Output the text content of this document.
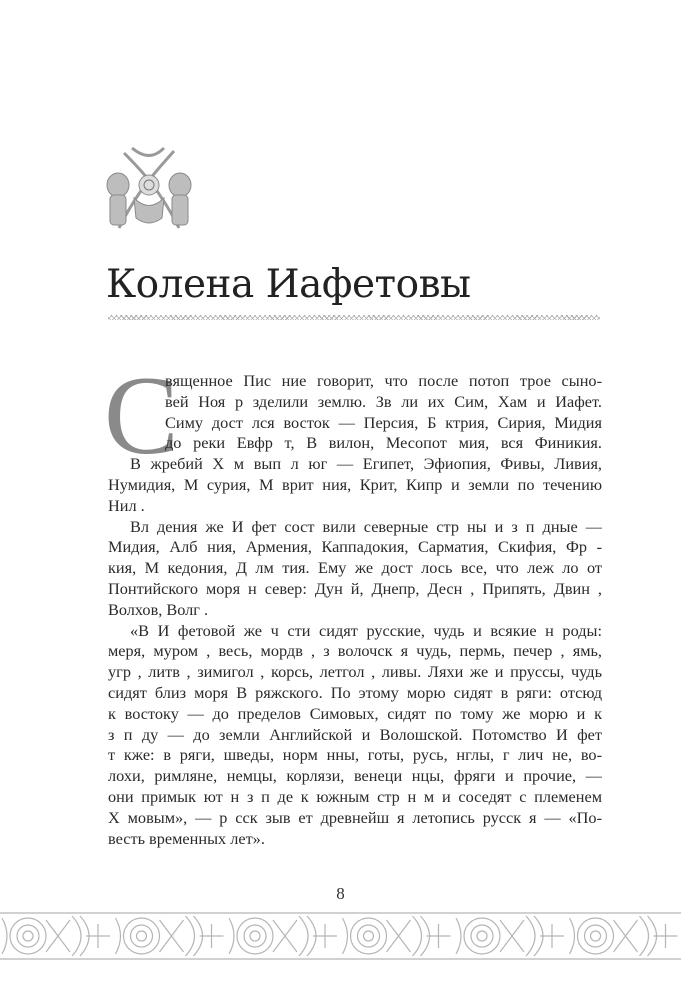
Колена Иафетовы
С
вященное Пис ние говорит, что после потоп трое сыно-
вей Ноя р зделили землю. Зв ли их Сим, Хам и Иафет.
Симу дост лся восток — Персия, Б ктрия, Сирия, Мидия
до реки Евфр т, В вилон, Месопот мия, вся Финикия.
В жребий Х м вып л юг — Египет, Эфиопия, Фивы, Ливия,
Нумидия, М сурия, М врит ния, Крит, Кипр и земли по течению
Нил .
Вл дения же И фет сост вили северные стр ны и з п дные —
Мидия, Алб ния, Армения, Каппадокия, Сарматия, Скифия, Фр -
кия, М кедония, Д лм тия. Ему же дост лось все, что леж ло от
Понтийского моря н север: Дун й, Днепр, Десн , Припять, Двин ,
Волхов, Волг .
«В И фетовой же ч сти сидят русские, чудь и всякие н роды:
меря, муром , весь, мордв , з волочск я чудь, пермь, печер , ямь,
угр , литв , зимигол , корсь, летгол , ливы. Ляхи же и пруссы, чудь
сидят близ моря В ряжского. По этому морю сидят в ряги: отсюд
к востоку — до пределов Симовых, сидят по тому же морю и к
з п ду — до земли Английской и Волошской. Потомство И фет
т кже: в ряги, шведы, норм нны, готы, русь, нглы, г лич не, во-
лохи, римляне, немцы, корлязи, венеци нцы, фряги и прочие, —
они примык ют н з п де к южным стр н м и соседят с племенем
Х мовым», — р сск зыв ет древнейш я летопись русск я — «По-
весть временных лет».
8
